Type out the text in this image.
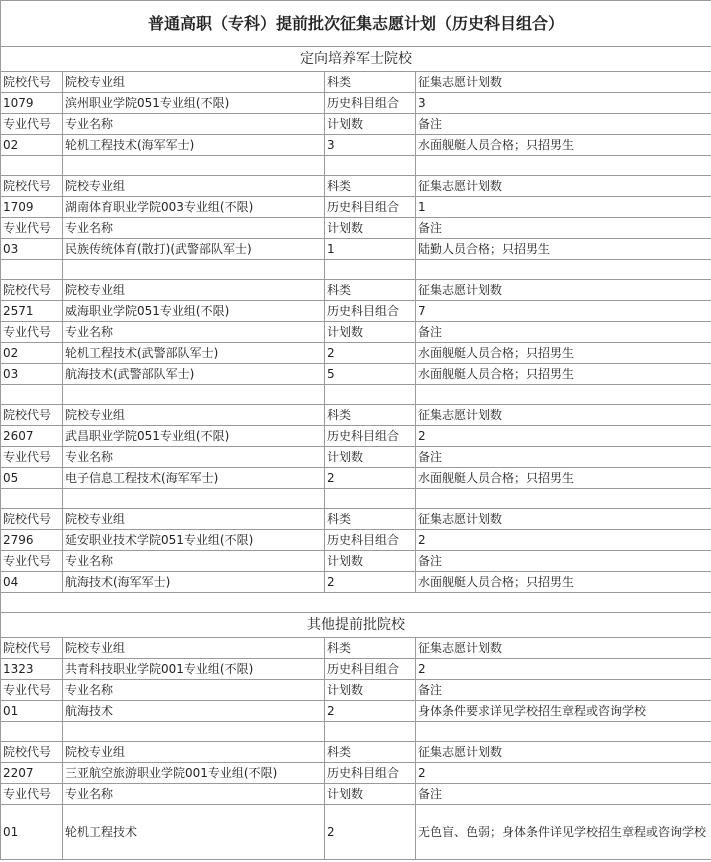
普通高职（专科）提前批次征集志愿计划（历史科目组合）			
定向培养军士院校			
院校代号	院校专业组	科类	征集志愿计划数
1079	滨州职业学院051专业组(不限)	历史科目组合	3
专业代号	专业名称	计划数	备注
02	轮机工程技术(海军军士)	3	水面舰艇人员合格；只招男生

院校代号	院校专业组	科类	征集志愿计划数
1709	湖南体育职业学院003专业组(不限)	历史科目组合	1
专业代号	专业名称	计划数	备注
03	民族传统体育(散打)(武警部队军士)	1	陆勤人员合格；只招男生

院校代号	院校专业组	科类	征集志愿计划数
2571	威海职业学院051专业组(不限)	历史科目组合	7
专业代号	专业名称	计划数	备注
02	轮机工程技术(武警部队军士)	2	水面舰艇人员合格；只招男生
03	航海技术(武警部队军士)	5	水面舰艇人员合格；只招男生

院校代号	院校专业组	科类	征集志愿计划数
2607	武昌职业学院051专业组(不限)	历史科目组合	2
专业代号	专业名称	计划数	备注
05	电子信息工程技术(海军军士)	2	水面舰艇人员合格；只招男生

院校代号	院校专业组	科类	征集志愿计划数
2796	延安职业技术学院051专业组(不限)	历史科目组合	2
专业代号	专业名称	计划数	备注
04	航海技术(海军军士)	2	水面舰艇人员合格；只招男生

其他提前批院校			
院校代号	院校专业组	科类	征集志愿计划数
1323	共青科技职业学院001专业组(不限)	历史科目组合	2
专业代号	专业名称	计划数	备注
01	航海技术	2	身体条件要求详见学校招生章程或咨询学校

院校代号	院校专业组	科类	征集志愿计划数
2207	三亚航空旅游职业学院001专业组(不限)	历史科目组合	2
专业代号	专业名称	计划数	备注
01	轮机工程技术	2	无色盲、色弱；身体条件详见学校招生章程或咨询学校
